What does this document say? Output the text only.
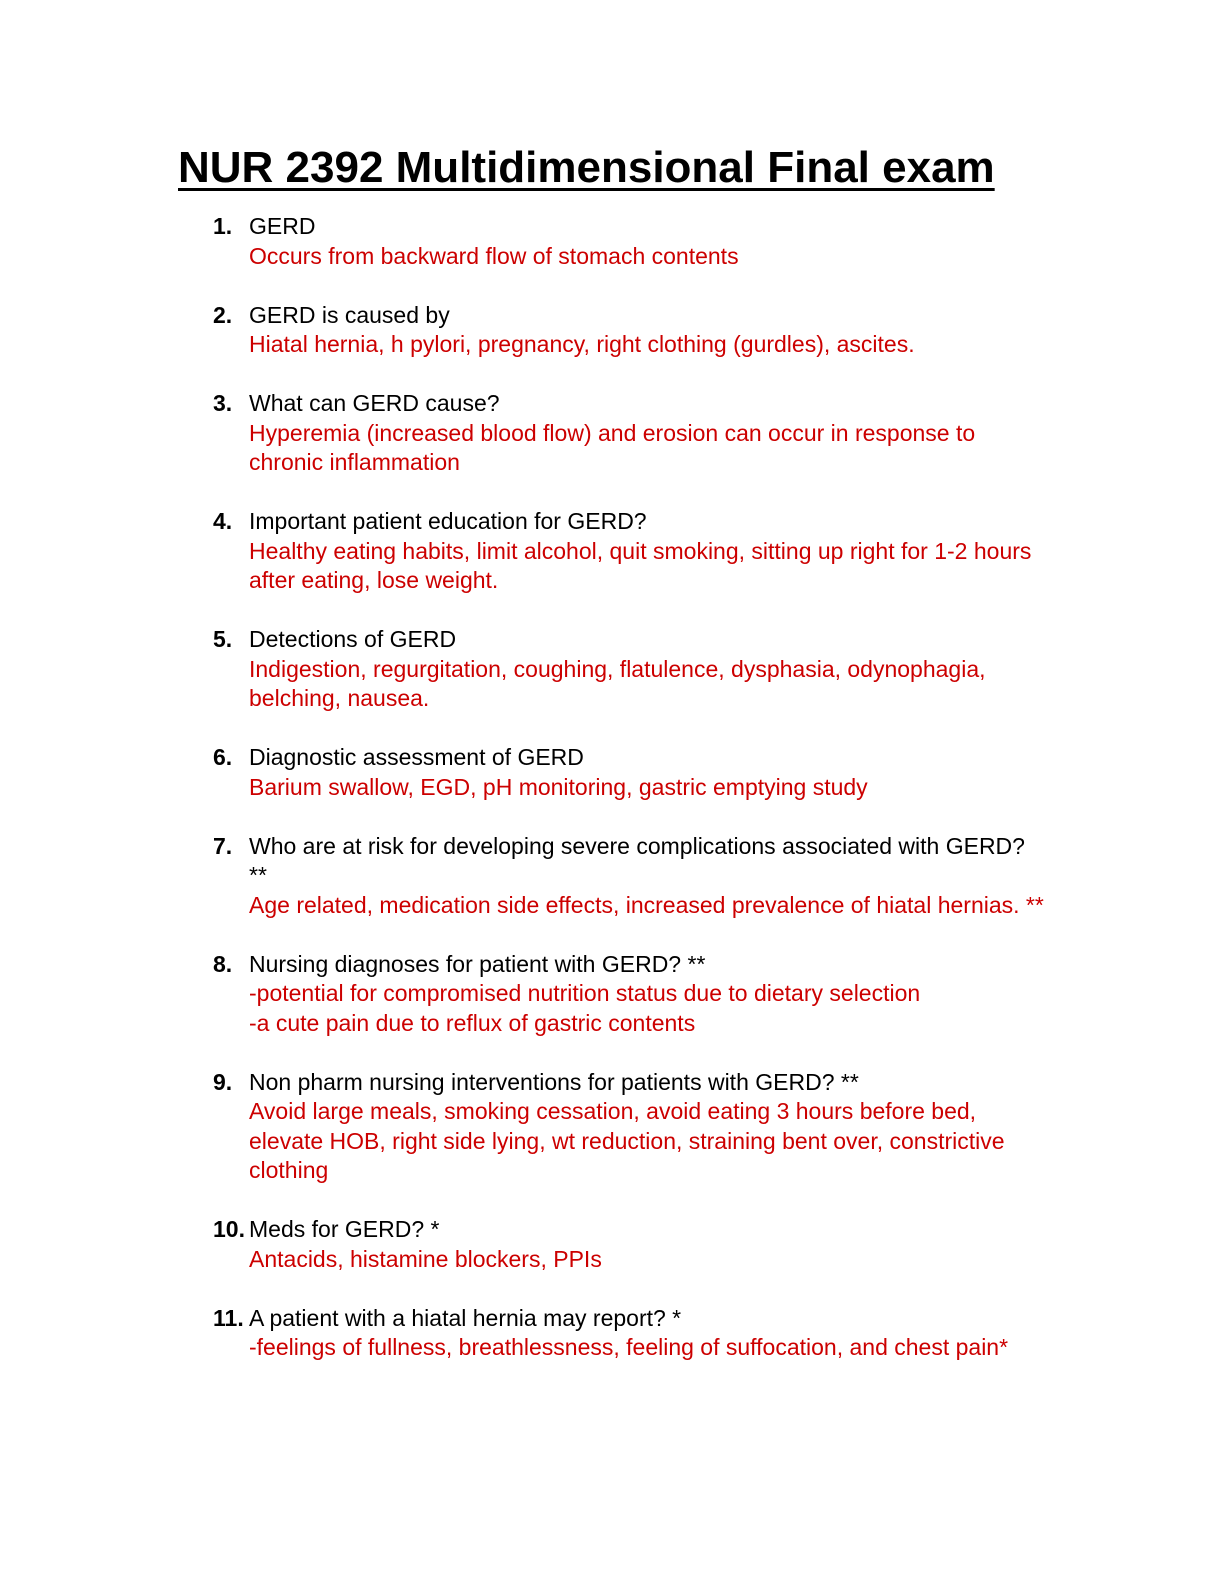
NUR 2392 Multidimensional Final exam
1. GERD
Occurs from backward flow of stomach contents
2. GERD is caused by
Hiatal hernia, h pylori, pregnancy, right clothing (gurdles), ascites.
3. What can GERD cause?
Hyperemia (increased blood flow) and erosion can occur in response to chronic inflammation
4. Important patient education for GERD?
Healthy eating habits, limit alcohol, quit smoking, sitting up right for 1-2 hours after eating, lose weight.
5. Detections of GERD
Indigestion, regurgitation, coughing, flatulence, dysphasia, odynophagia, belching, nausea.
6. Diagnostic assessment of GERD
Barium swallow, EGD, pH monitoring, gastric emptying study
7. Who are at risk for developing severe complications associated with GERD? **
Age related, medication side effects, increased prevalence of hiatal hernias. **
8. Nursing diagnoses for patient with GERD? **
-potential for compromised nutrition status due to dietary selection
-a cute pain due to reflux of gastric contents
9. Non pharm nursing interventions for patients with GERD? **
Avoid large meals, smoking cessation, avoid eating 3 hours before bed, elevate HOB, right side lying, wt reduction, straining bent over, constrictive clothing
10. Meds for GERD? *
Antacids, histamine blockers, PPIs
11. A patient with a hiatal hernia may report? *
-feelings of fullness, breathlessness, feeling of suffocation, and chest pain*
